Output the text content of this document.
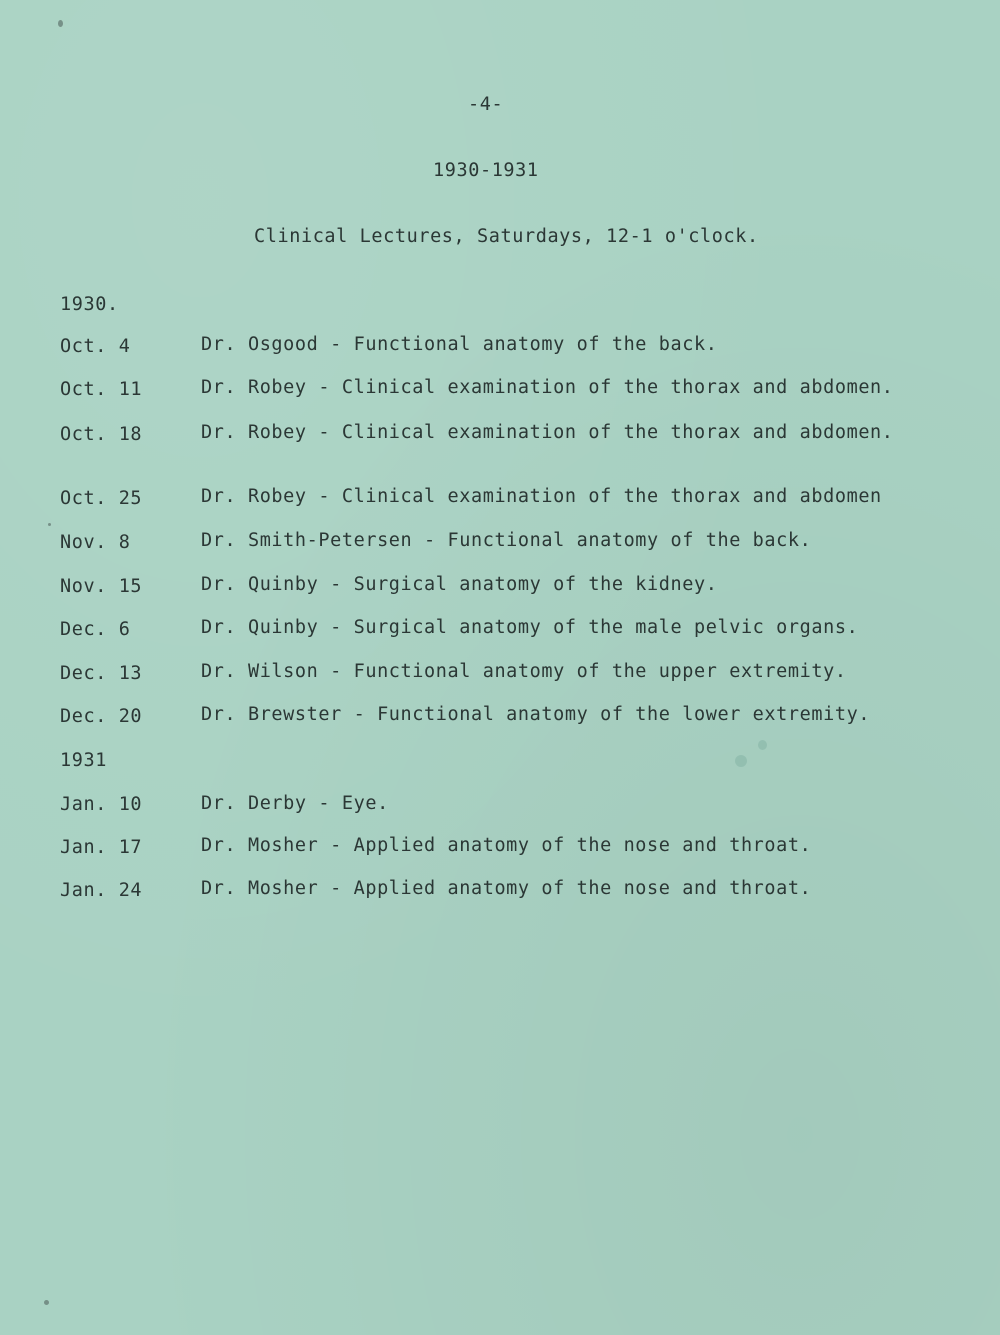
-4-
1930-1931
Clinical Lectures, Saturdays, 12-1 o'clock.
1930.
Oct. 4	Dr. Osgood - Functional anatomy of the back.
Oct. 11	Dr. Robey - Clinical examination of the thorax and abdomen.
Oct. 18	Dr. Robey - Clinical examination of the thorax and abdomen.
Oct. 25	Dr. Robey - Clinical examination of the thorax and abdomen
Nov. 8	Dr. Smith-Petersen - Functional anatomy of the back.
Nov. 15	Dr. Quinby - Surgical anatomy of the kidney.
Dec. 6	Dr. Quinby - Surgical anatomy of the male pelvic organs.
Dec. 13	Dr. Wilson - Functional anatomy of the upper extremity.
Dec. 20	Dr. Brewster - Functional anatomy of the lower extremity.
1931
Jan. 10	Dr. Derby - Eye.
Jan. 17	Dr. Mosher - Applied anatomy of the nose and throat.
Jan. 24	Dr. Mosher - Applied anatomy of the nose and throat.
